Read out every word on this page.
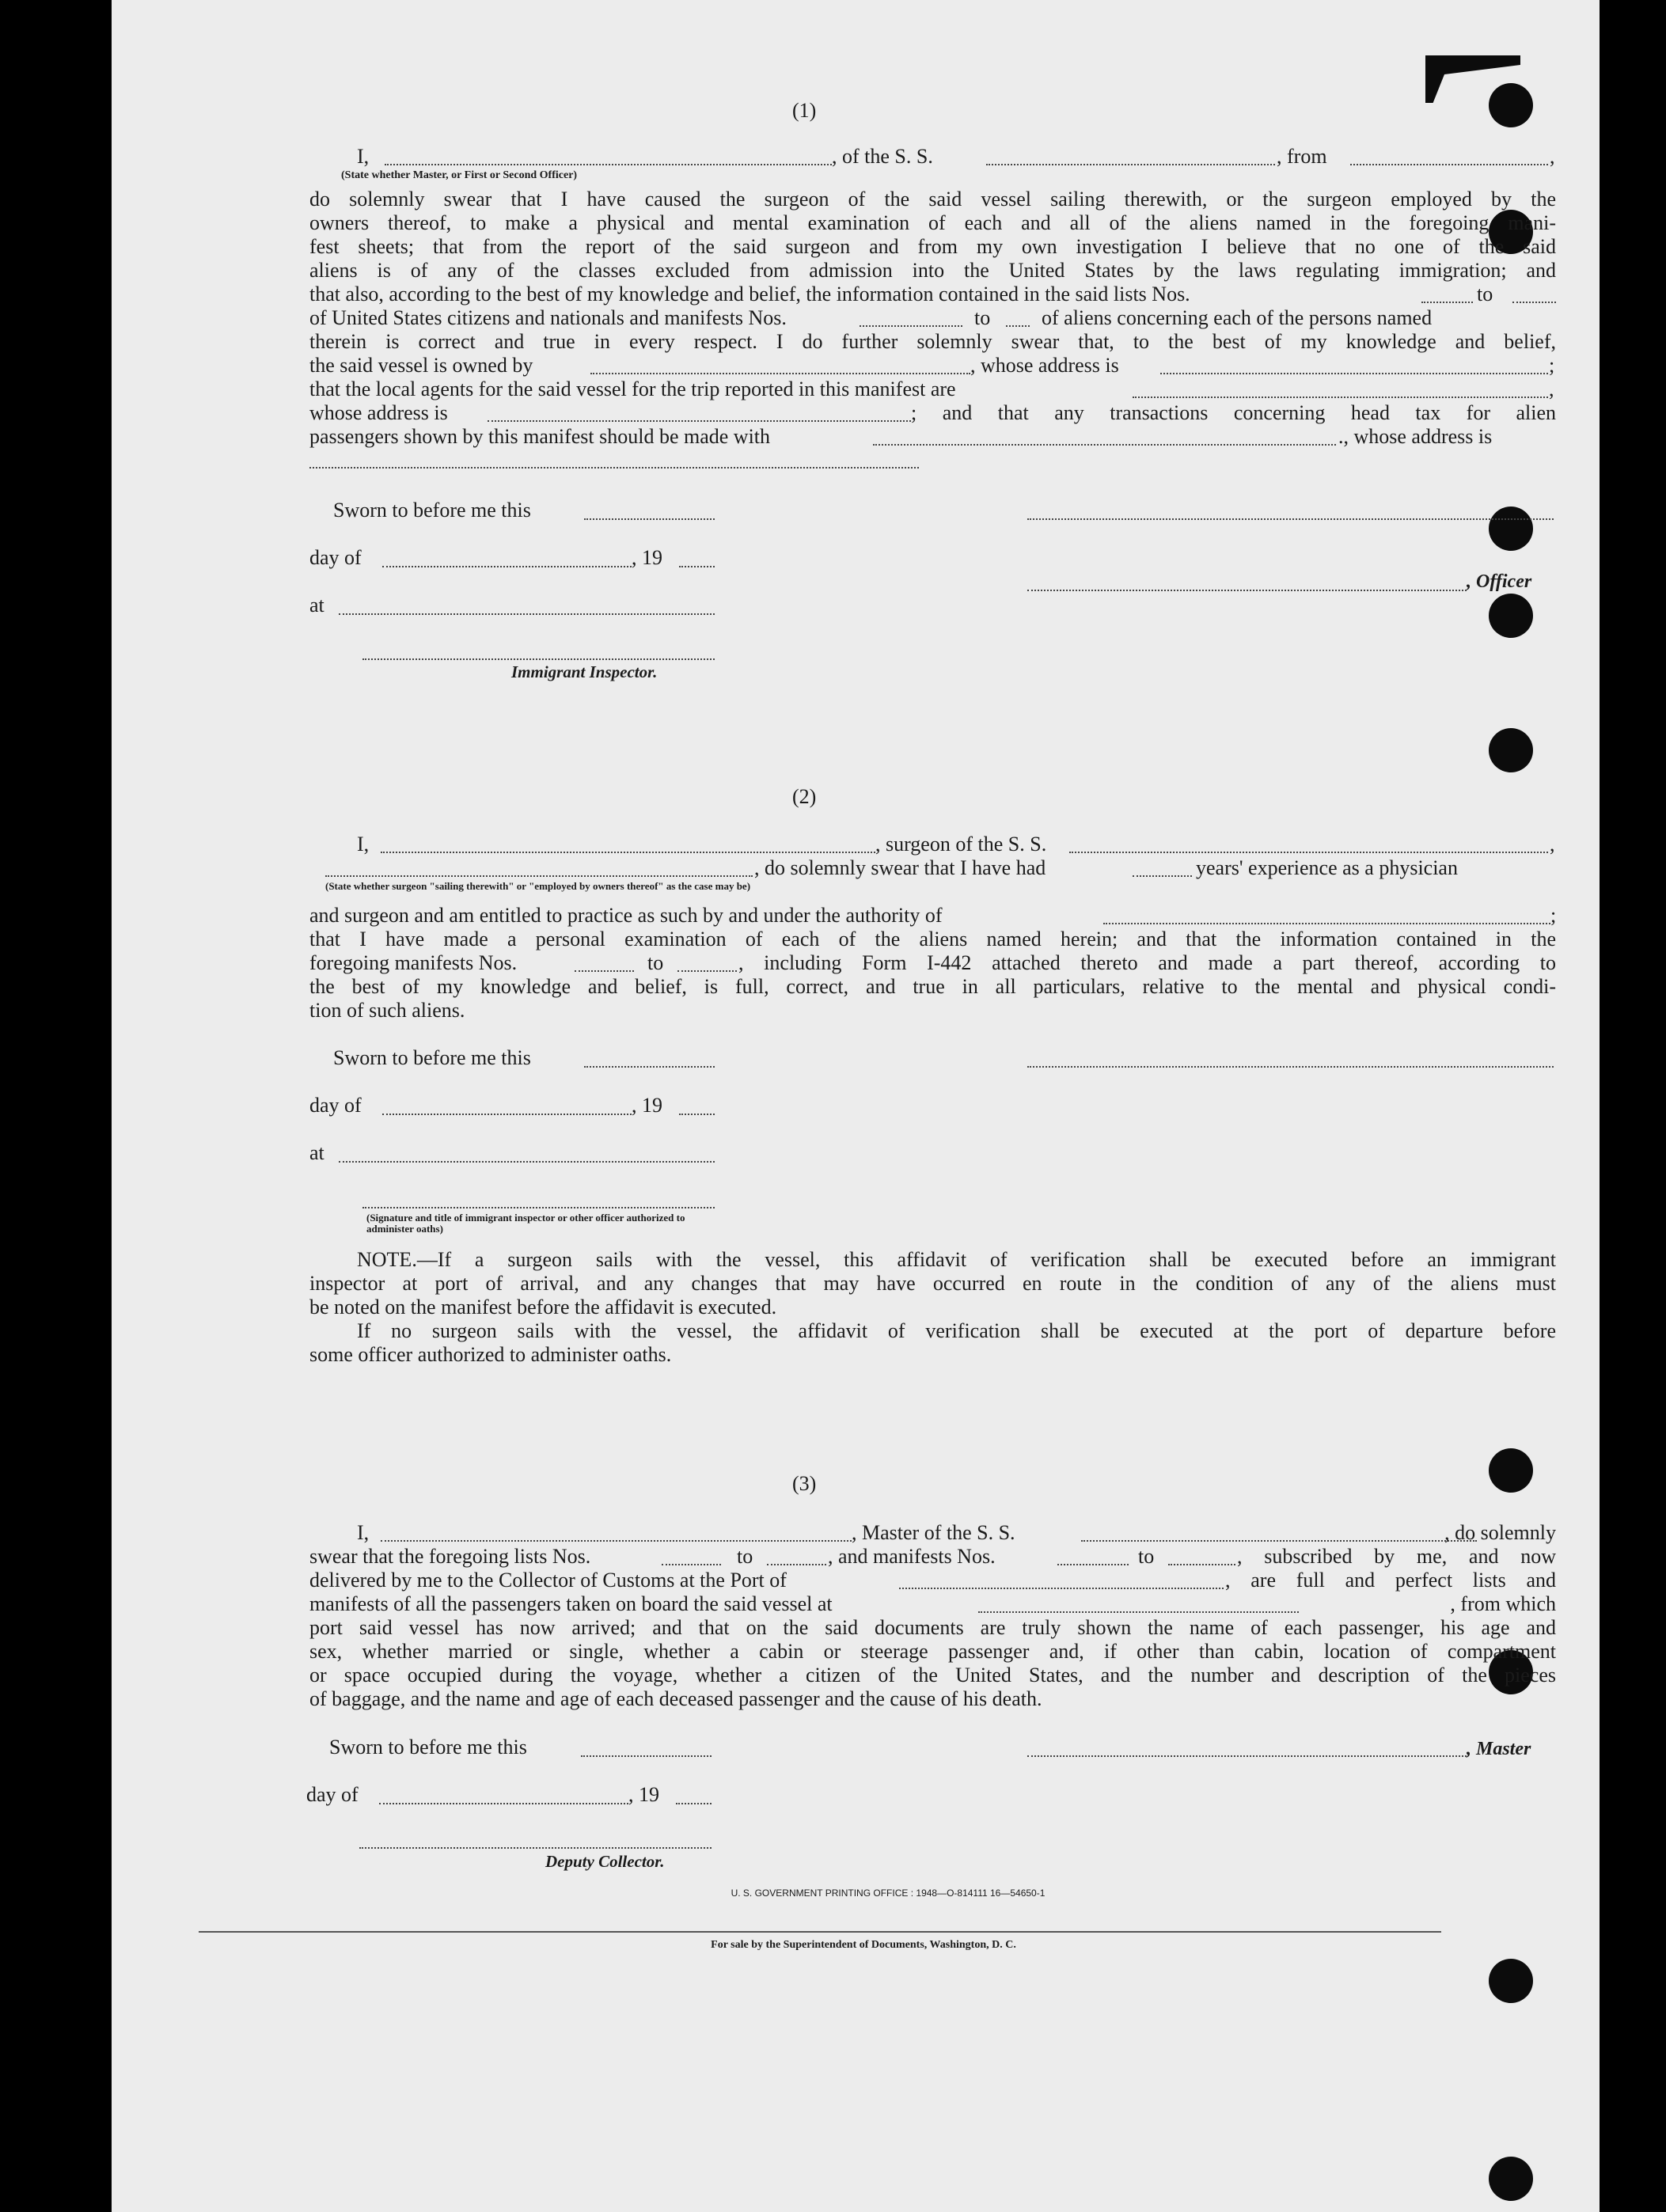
(1)
I,	, of the S. S.	, from	,
(State whether Master, or First or Second Officer)
do solemnly swear that I have caused the surgeon of the said vessel sailing therewith, or the surgeon employed by the
owners thereof, to make a physical and mental examination of each and all of the aliens named in the foregoing mani-
fest sheets; that from the report of the said surgeon and from my own investigation I believe that no one of the said
aliens is of any of the classes excluded from admission into the United States by the laws regulating immigration; and
that also, according to the best of my knowledge and belief, the information contained in the said lists Nos.	to
of United States citizens and nationals and manifests Nos.	to of aliens concerning each of the persons named
therein is correct and true in every respect. I do further solemnly swear that, to the best of my knowledge and belief,
the said vessel is owned by	, whose address is	;
that the local agents for the said vessel for the trip reported in this manifest are	,
whose address is	; and that any transactions concerning head tax for alien
passengers shown by this manifest should be made with	., whose address is
Sworn to before me this
day of	, 19
, Officer
at
Immigrant Inspector.
(2)
I,	, surgeon of the S. S.	,
, do solemnly swear that I have had	years' experience as a physician
(State whether surgeon "sailing therewith" or "employed by owners thereof" as the case may be)
and surgeon and am entitled to practice as such by and under the authority of	;
that I have made a personal examination of each of the aliens named herein; and that the information contained in the
foregoing manifests Nos.	to	, including Form I-442 attached thereto and made a part thereof, according to
the best of my knowledge and belief, is full, correct, and true in all particulars, relative to the mental and physical condi-
tion of such aliens.
Sworn to before me this
day of	, 19
at
(Signature and title of immigrant inspector or other officer authorized to administer oaths)
NOTE.—If a surgeon sails with the vessel, this affidavit of verification shall be executed before an immigrant
inspector at port of arrival, and any changes that may have occurred en route in the condition of any of the aliens must
be noted on the manifest before the affidavit is executed.
If no surgeon sails with the vessel, the affidavit of verification shall be executed at the port of departure before
some officer authorized to administer oaths.
(3)
I,	, Master of the S. S.	, do solemnly
swear that the foregoing lists Nos.	to	, and manifests Nos.	to	, subscribed by me, and now
delivered by me to the Collector of Customs at the Port of	, are full and perfect lists and
manifests of all the passengers taken on board the said vessel at	, from which
port said vessel has now arrived; and that on the said documents are truly shown the name of each passenger, his age and
sex, whether married or single, whether a cabin or steerage passenger and, if other than cabin, location of compartment
or space occupied during the voyage, whether a citizen of the United States, and the number and description of the pieces
of baggage, and the name and age of each deceased passenger and the cause of his death.
Sworn to before me this	, Master
day of	, 19
Deputy Collector.
U. S. GOVERNMENT PRINTING OFFICE : 1948—O-814111 16—54650-1
For sale by the Superintendent of Documents, Washington, D. C.
